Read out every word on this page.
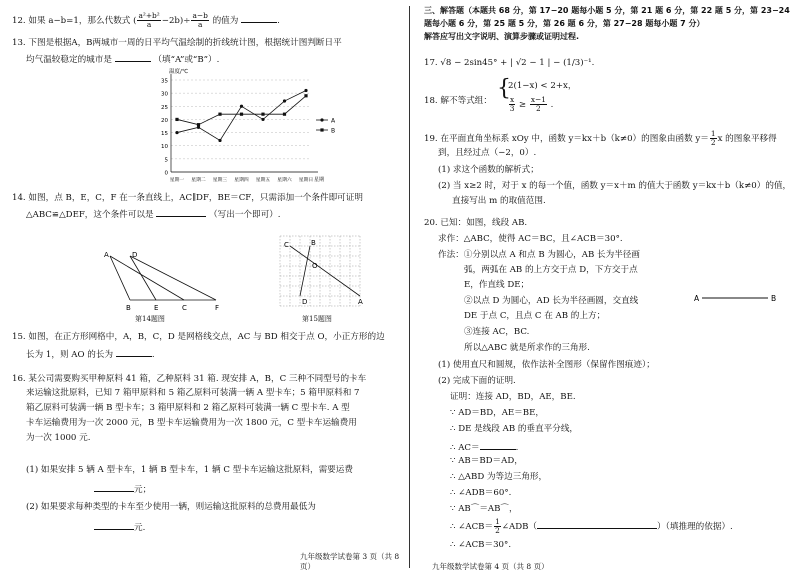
12. 如果 a−b=1，那么代数式 ( $\frac{\text{a²+b²}}{a} -2b)\div \frac{a-b}{a}$ 的值为	.
13. 下图是根据A，B两城市一周的日平均气温绘制的折线统计图，根据统计图判断日平
均气温较稳定的城市是	（填“A”或“B”）.
0
5
10
15
20
25
30
35
温度/℃
星期
星期一 星期二 星期三 星期四 星期五 星期六 星期日
A
B
14. 如图，点 B，E，C，F 在一条直线上，AC∥DF，BE＝CF，只需添加一个条件即可证明
△ABC≌△DEF，这个条件可以是	（写出一个即可）.
A	D
B	E	C	F
第14题图
C	B
O
A
D
第15题图
15. 如图，在正方形网格中，A，B，C，D 是网格线交点，AC 与 BD 相交于点 O，小正方形的边
长为 1，则 AO 的长为	.
16. 某公司需要购买甲种原料 41 箱，乙种原料 31 箱. 现安排 A，B，C 三种不同型号的卡车
来运输这批原料，已知 7 箱甲原料和 5 箱乙原料可装满一辆 A 型卡车；5 箱甲原料和 7
箱乙原料可装满一辆 B 型卡车；3 箱甲原料和 2 箱乙原料可装满一辆 C 型卡车. A 型
卡车运输费用为一次 2000 元，B 型卡车运输费用为一次 1800 元，C 型卡车运输费用
为一次 1000 元.
(1) 如果安排 5 辆 A 型卡车，1 辆 B 型卡车，1 辆 C 型卡车运输这批原料，需要运费
元；
(2) 如果要求每种类型的卡车至少使用一辆，则运输这批原料的总费用最低为
元.
九年级数学试卷第 3 页（共 8 页）
三、解答题（本题共 68 分，第 17−20 题每小题 5 分，第 21 题 6 分，第 22 题 5 分，第 23−24
题每小题 6 分，第 25 题 5 分，第 26 题 6 分，第 27−28 题每小题 7 分）
解答应写出文字说明、演算步骤或证明过程.
17. √8 − 2sin45° + | √2 − 1 | − (1/3)⁻¹.
18. 解不等式组： {
2(1−x) < 2+x，
$\frac{x}{3} \ge \frac{x-1}{2}$ .
19. 在平面直角坐标系 xOy 中，函数 y＝kx＋b（k≠0）的图象由函数 $y= \frac{1}{2}$ x 的图象平移得
到，且经过点（−2，0）.
(1) 求这个函数的解析式；
(2) 当 x≥2 时，对于 x 的每一个值，函数 y＝x＋m 的值大于函数 y＝kx＋b（k≠0）的值，
直接写出 m 的取值范围.
20. 已知：如图，线段 AB.
求作：△ABC，使得 AC＝BC，且∠ACB＝30°.
作法：①分别以点 A 和点 B 为圆心，AB 长为半径画
弧，两弧在 AB 的上方交于点 D，下方交于点
E，作直线 DE；
②以点 D 为圆心，AD 长为半径画圆，交直线
DE 于点 C，且点 C 在 AB 的上方；
③连接 AC，BC.
所以△ABC 就是所求作的三角形.
A	B
(1) 使用直尺和圆规，依作法补全图形（保留作图痕迹）；
(2) 完成下面的证明.
证明：连接 AD，BD，AE，BE.
∵ AD＝BD，AE＝BE，
∴ DE 是线段 AB 的垂直平分线，
∴ AC＝	.
∵ AB＝BD＝AD，
∴ △ABD 为等边三角形，
∴ ∠ADB＝60°.
∵ AB⌒＝AB⌒，
∴ ∠ACB＝ $\frac{1}{2}$ ∠ADB（	）（填推理的依据）.
∴ ∠ACB＝30°.
九年级数学试卷第 4 页（共 8 页）
